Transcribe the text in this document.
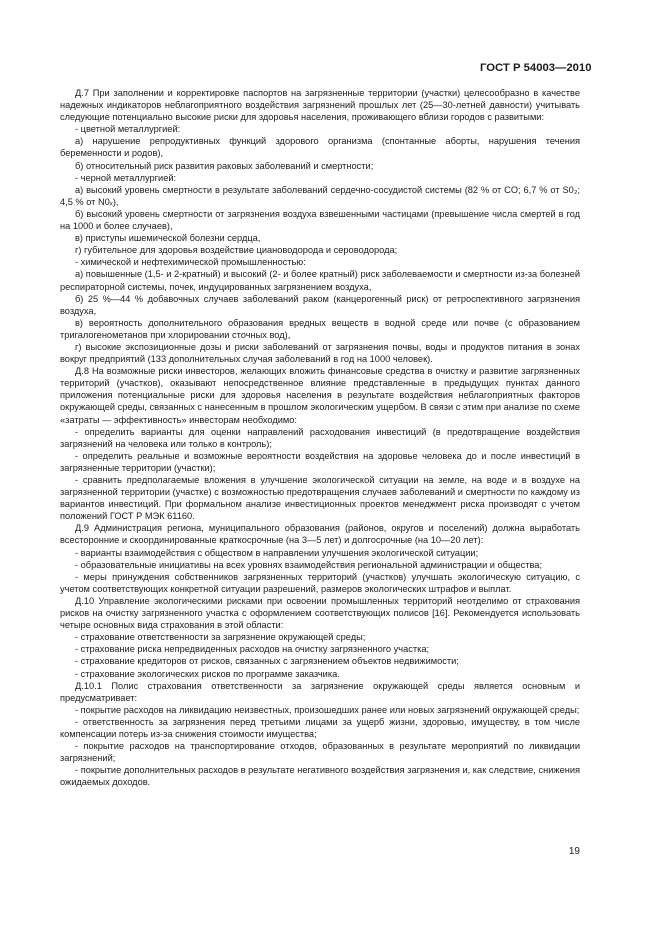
ГОСТ Р 54003—2010

Д.7 При заполнении и корректировке паспортов на загрязненные территории (участки) целесообразно в качестве надежных индикаторов неблагоприятного воздействия загрязнений прошлых лет (25—30-летней давности) учитывать следующие потенциально высокие риски для здоровья населения, проживающего вблизи городов с развитыми:

- цветной металлургией:

а) нарушение репродуктивных функций здорового организма (спонтанные аборты, нарушения течения беременности и родов),

б) относительный риск развития раковых заболеваний и смертности;

- черной металлургией:

а) высокий уровень смертности в результате заболеваний сердечно-сосудистой системы (82 % от CO; 6,7 % от S0₂; 4,5 % от N0ₓ),

б) высокий уровень смертности от загрязнения воздуха взвешенными частицами (превышение числа смертей в год на 1000 и более случаев),

в) приступы ишемической болезни сердца,

г) губительное для здоровья воздействие циановодорода и сероводорода;

- химической и нефтехимической промышленностью:

а) повышенные (1,5- и 2-кратный) и высокий (2- и более кратный) риск заболеваемости и смертности из-за болезней респираторной системы, почек, индуцированных загрязнением воздуха,

б) 25 %—44 % добавочных случаев заболеваний раком (канцерогенный риск) от ретроспективного загрязнения воздуха,

в) вероятность дополнительного образования вредных веществ в водной среде или почве (с образованием тригалогенометанов при хлорировании сточных вод),

г) высокие экспозиционные дозы и риски заболеваний от загрязнения почвы, воды и продуктов питания в зонах вокруг предприятий (133 дополнительных случая заболеваний в год на 1000 человек).

Д.8 На возможные риски инвесторов, желающих вложить финансовые средства в очистку и развитие загрязненных территорий (участков), оказывают непосредственное влияние представленные в предыдущих пунктах данного приложения потенциальные риски для здоровья населения в результате воздействия неблагоприятных факторов окружающей среды, связанных с нанесенным в прошлом экологическим ущербом. В связи с этим при анализе по схеме «затраты — эффективность» инвесторам необходимо:

- определить варианты для оценки направлений расходования инвестиций (в предотвращение воздействия загрязнений на человека или только в контроль);

- определить реальные и возможные вероятности воздействия на здоровье человека до и после инвестиций в загрязненные территории (участки);

- сравнить предполагаемые вложения в улучшение экологической ситуации на земле, на воде и в воздухе на загрязненной территории (участке) с возможностью предотвращения случаев заболеваний и смертности по каждому из вариантов инвестиций. При формальном анализе инвестиционных проектов менеджмент риска производят с учетом положений ГОСТ Р МЭК 61160.

Д.9 Администрация региона, муниципального образования (районов, округов и поселений) должна выработать всесторонние и скоординированные краткосрочные (на 3—5 лет) и долгосрочные (на 10—20 лет):

- варианты взаимодействия с обществом в направлении улучшения экологической ситуации;

- образовательные инициативы на всех уровнях взаимодействия региональной администрации и общества;

- меры принуждения собственников загрязненных территорий (участков) улучшать экологическую ситуацию, с учетом соответствующих конкретной ситуации разрешений, размеров экологических штрафов и выплат.

Д.10 Управление экологическими рисками при освоении промышленных территорий неотделимо от страхования рисков на очистку загрязненного участка с оформлением соответствующих полисов [16]. Рекомендуется использовать четыре основных вида страхования в этой области:

- страхование ответственности за загрязнение окружающей среды;

- страхование риска непредвиденных расходов на очистку загрязненного участка;

- страхование кредиторов от рисков, связанных с загрязнением объектов недвижимости;

- страхование экологических рисков по программе заказчика.

Д.10.1 Полис страхования ответственности за загрязнение окружающей среды является основным и предусматривает:

- покрытие расходов на ликвидацию неизвестных, произошедших ранее или новых загрязнений окружающей среды;

- ответственность за загрязнения перед третьими лицами за ущерб жизни, здоровью, имуществу, в том числе компенсации потерь из-за снижения стоимости имущества;

- покрытие расходов на транспортирование отходов, образованных в результате мероприятий по ликвидации загрязнений;

- покрытие дополнительных расходов в результате негативного воздействия загрязнения и, как следствие, снижения ожидаемых доходов.

19
